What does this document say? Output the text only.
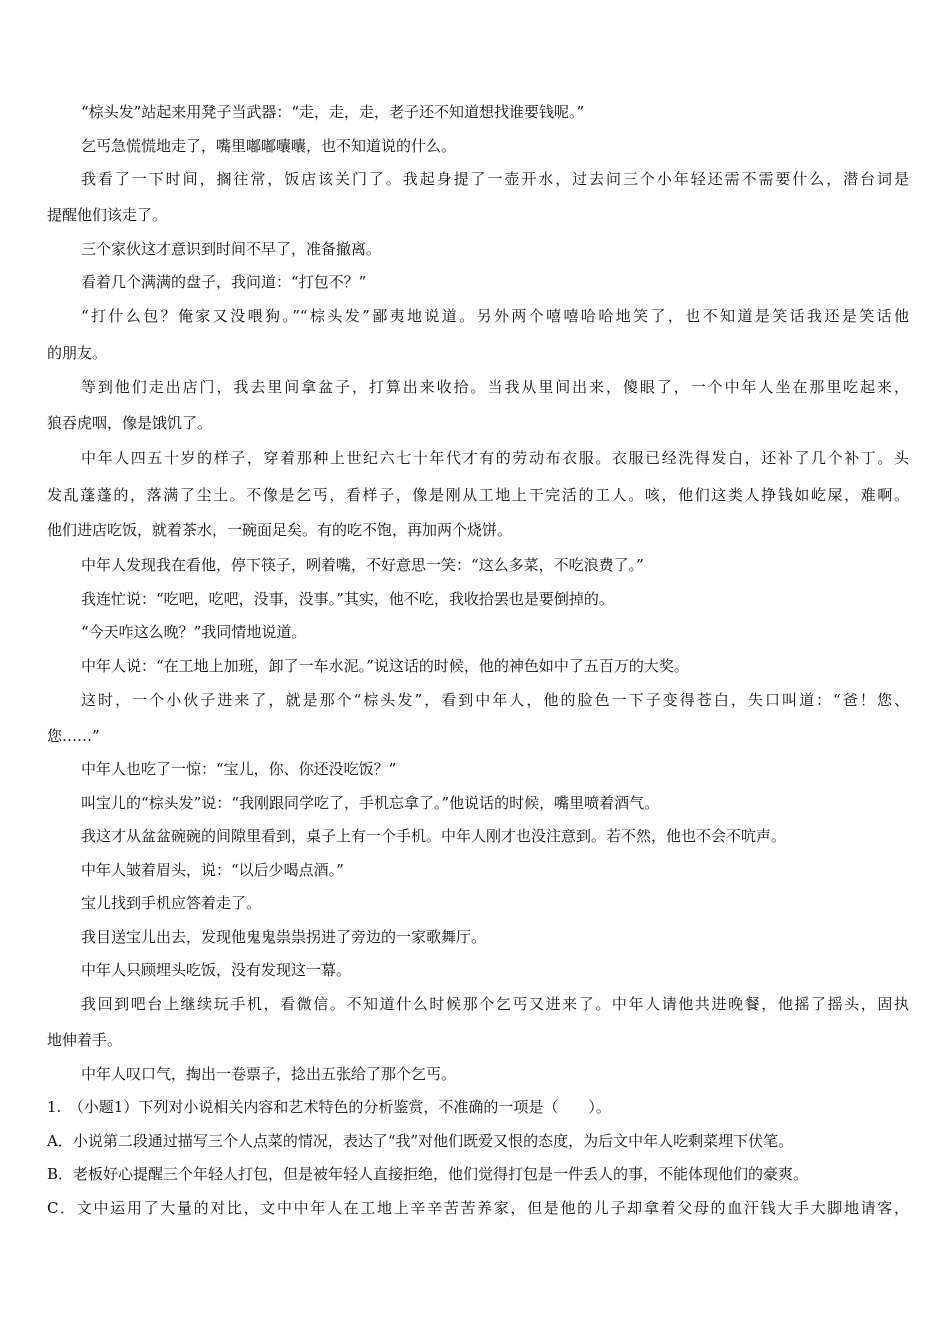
“棕头发”站起来用凳子当武器：“走，走，走，老子还不知道想找谁要钱呢。”
乞丐急慌慌地走了，嘴里嘟嘟囔囔，也不知道说的什么。
我看了一下时间，搁往常，饭店该关门了。我起身提了一壶开水，过去问三个小年轻还需不需要什么，潜台词是
提醒他们该走了。
三个家伙这才意识到时间不早了，准备撤离。
看着几个满满的盘子，我问道：“打包不？”
“打什么包？俺家又没喂狗。”“棕头发”鄙夷地说道。另外两个嘻嘻哈哈地笑了，也不知道是笑话我还是笑话他
的朋友。
等到他们走出店门，我去里间拿盆子，打算出来收拾。当我从里间出来，傻眼了，一个中年人坐在那里吃起来，
狼吞虎咽，像是饿饥了。
中年人四五十岁的样子，穿着那种上世纪六七十年代才有的劳动布衣服。衣服已经洗得发白，还补了几个补丁。头
发乱蓬蓬的，落满了尘土。不像是乞丐，看样子，像是刚从工地上干完活的工人。咳，他们这类人挣钱如屹屎，难啊。
他们进店吃饭，就着茶水，一碗面足矣。有的吃不饱，再加两个烧饼。
中年人发现我在看他，停下筷子，咧着嘴，不好意思一笑：“这么多菜，不吃浪费了。”
我连忙说：“吃吧，吃吧，没事，没事。”其实，他不吃，我收拾罢也是要倒掉的。
“今天咋这么晚？”我同情地说道。
中年人说：“在工地上加班，卸了一车水泥。”说这话的时候，他的神色如中了五百万的大奖。
这时，一个小伙子进来了，就是那个“棕头发”，看到中年人，他的脸色一下子变得苍白，失口叫道：“爸！您、
您……”
中年人也吃了一惊：“宝儿，你、你还没吃饭？”
叫宝儿的“棕头发”说：“我刚跟同学吃了，手机忘拿了。”他说话的时候，嘴里喷着酒气。
我这才从盆盆碗碗的间隙里看到，桌子上有一个手机。中年人刚才也没注意到。若不然，他也不会不吭声。
中年人皱着眉头，说：“以后少喝点酒。”
宝儿找到手机应答着走了。
我目送宝儿出去，发现他鬼鬼祟祟拐进了旁边的一家歌舞厅。
中年人只顾埋头吃饭，没有发现这一幕。
我回到吧台上继续玩手机，看微信。不知道什么时候那个乞丐又进来了。中年人请他共进晚餐，他摇了摇头，固执
地伸着手。
中年人叹口气，掏出一卷票子，捻出五张给了那个乞丐。
1.　（小题1）下列对小说相关内容和艺术特色的分析鉴赏，不准确的一项是（　　）。
A．小说第二段通过描写三个人点菜的情况，表达了“我”对他们既爱又恨的态度，为后文中年人吃剩菜埋下伏笔。
B．老板好心提醒三个年轻人打包，但是被年轻人直接拒绝，他们觉得打包是一件丢人的事，不能体现他们的豪爽。
C．文中运用了大量的对比，文中中年人在工地上辛辛苦苦养家，但是他的儿子却拿着父母的血汗钱大手大脚地请客，
